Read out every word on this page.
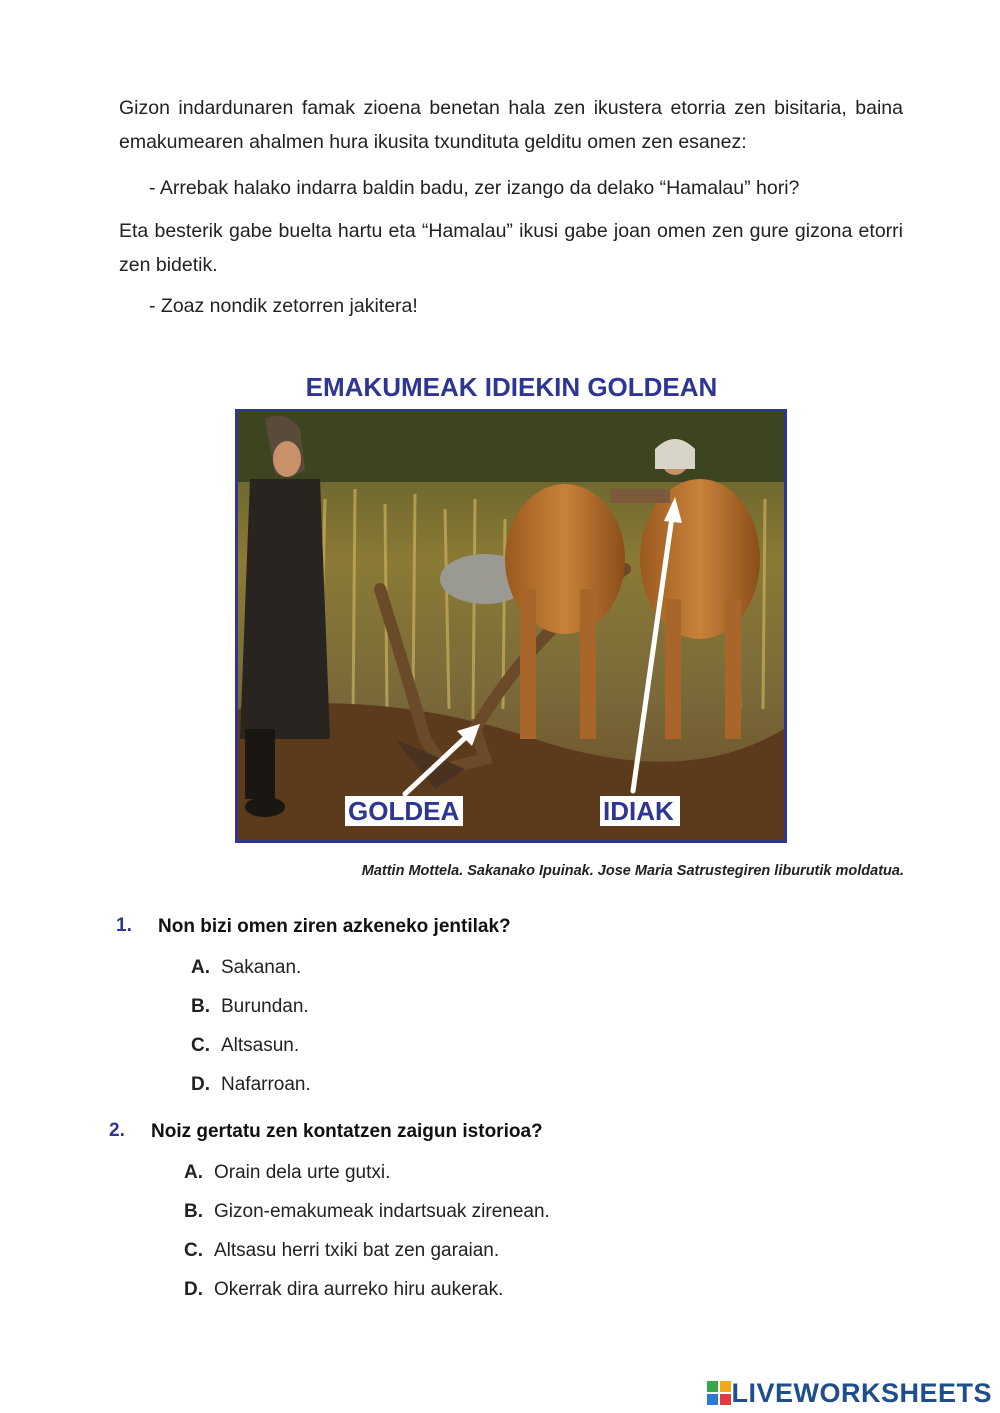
Gizon indardunaren famak zioena benetan hala zen ikustera etorria zen bisitaria, baina emakumearen ahalmen hura ikusita txundituta gelditu omen zen esanez:

- Arrebak halako indarra baldin badu, zer izango da delako “Hamalau” hori?

Eta besterik gabe buelta hartu eta “Hamalau” ikusi gabe joan omen zen gure gizona etorri zen bidetik.

- Zoaz nondik zetorren jakitera!

EMAKUMEAK IDIEKIN GOLDEAN
GOLDEA	IDIAK
Mattin Mottela. Sakanako Ipuinak. Jose Maria Satrustegiren liburutik moldatua.
1. Non bizi omen ziren azkeneko jentilak?
A. Sakanan.
B. Burundan.
C. Altsasun.
D. Nafarroan.
2. Noiz gertatu zen kontatzen zaigun istorioa?
A. Orain dela urte gutxi.
B. Gizon-emakumeak indartsuak zirenean.
C. Altsasu herri txiki bat zen garaian.
D. Okerrak dira aurreko hiru aukerak.
LIVEWORKSHEETS
